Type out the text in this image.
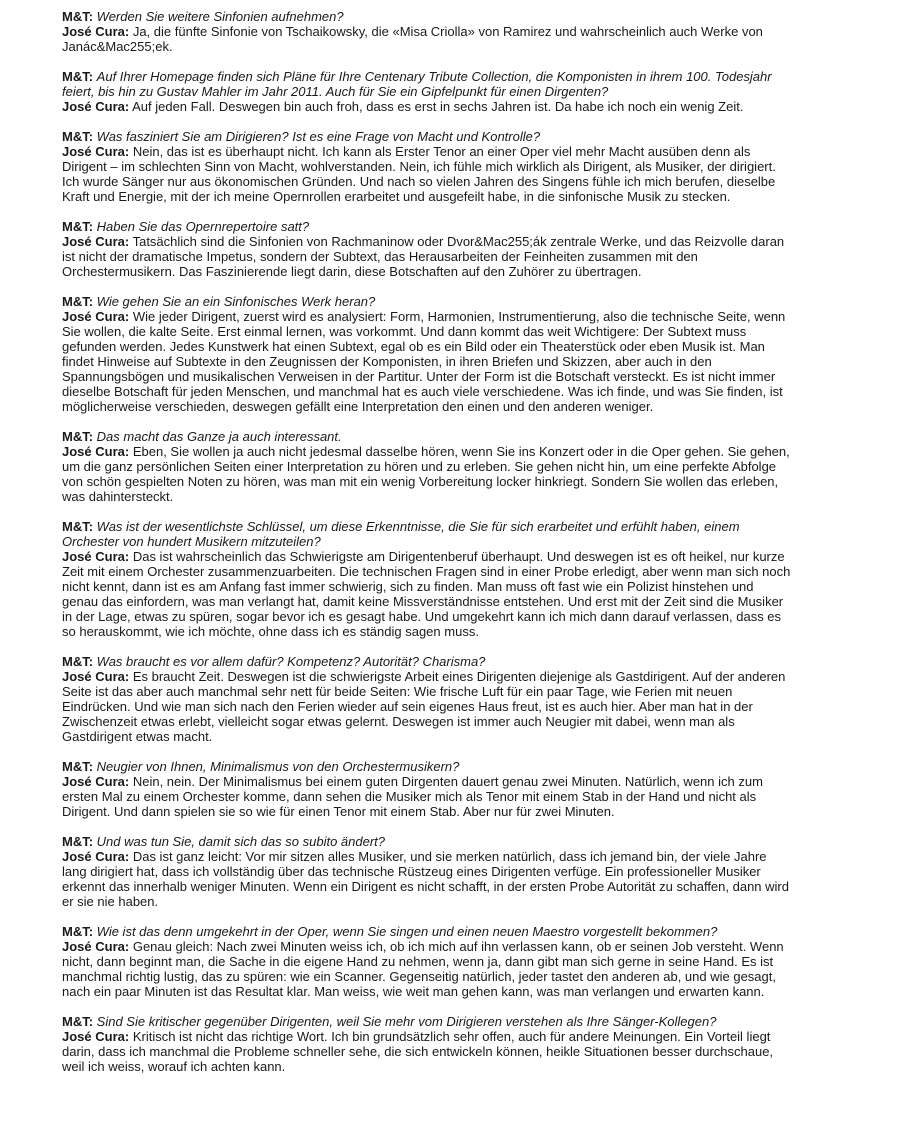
M&T: Werden Sie weitere Sinfonien aufnehmen?

José Cura: Ja, die fünfte Sinfonie von Tschaikowsky, die «Misa Criolla» von Ramirez und wahrscheinlich auch Werke von Janác&Mac255;ek.

M&T: Auf Ihrer Homepage finden sich Pläne für Ihre Centenary Tribute Collection, die Komponisten in ihrem 100. Todesjahr feiert, bis hin zu Gustav Mahler im Jahr 2011. Auch für Sie ein Gipfelpunkt für einen Dirgenten?

José Cura: Auf jeden Fall. Deswegen bin auch froh, dass es erst in sechs Jahren ist. Da habe ich noch ein wenig Zeit.

M&T: Was fasziniert Sie am Dirigieren? Ist es eine Frage von Macht und Kontrolle?

José Cura: Nein, das ist es überhaupt nicht. Ich kann als Erster Tenor an einer Oper viel mehr Macht ausüben denn als Dirigent – im schlechten Sinn von Macht, wohlverstanden. Nein, ich fühle mich wirklich als Dirigent, als Musiker, der dirigiert. Ich wurde Sänger nur aus ökonomischen Gründen. Und nach so vielen Jahren des Singens fühle ich mich berufen, dieselbe Kraft und Energie, mit der ich meine Opernrollen erarbeitet und ausgefeilt habe, in die sinfonische Musik zu stecken.

M&T: Haben Sie das Opernrepertoire satt?

José Cura: Tatsächlich sind die Sinfonien von Rachmaninow oder Dvor&Mac255;ák zentrale Werke, und das Reizvolle daran ist nicht der dramatische Impetus, sondern der Subtext, das Herausarbeiten der Feinheiten zusammen mit den Orchestermusikern. Das Faszinierende liegt darin, diese Botschaften auf den Zuhörer zu übertragen.

M&T: Wie gehen Sie an ein Sinfonisches Werk heran?

José Cura: Wie jeder Dirigent, zuerst wird es analysiert: Form, Harmonien, Instrumentierung, also die technische Seite, wenn Sie wollen, die kalte Seite. Erst einmal lernen, was vorkommt. Und dann kommt das weit Wichtigere: Der Subtext muss gefunden werden. Jedes Kunstwerk hat einen Subtext, egal ob es ein Bild oder ein Theaterstück oder eben Musik ist. Man findet Hinweise auf Subtexte in den Zeugnissen der Komponisten, in ihren Briefen und Skizzen, aber auch in den Spannungsbögen und musikalischen Verweisen in der Partitur. Unter der Form ist die Botschaft versteckt. Es ist nicht immer dieselbe Botschaft für jeden Menschen, und manchmal hat es auch viele verschiedene. Was ich finde, und was Sie finden, ist möglicherweise verschieden, deswegen gefällt eine Interpretation den einen und den anderen weniger.

M&T: Das macht das Ganze ja auch interessant.

José Cura: Eben, Sie wollen ja auch nicht jedesmal dasselbe hören, wenn Sie ins Konzert oder in die Oper gehen. Sie gehen, um die ganz persönlichen Seiten einer Interpretation zu hören und zu erleben. Sie gehen nicht hin, um eine perfekte Abfolge von schön gespielten Noten zu hören, was man mit ein wenig Vorbereitung locker hinkriegt. Sondern Sie wollen das erleben, was dahintersteckt.

M&T: Was ist der wesentlichste Schlüssel, um diese Erkenntnisse, die Sie für sich erarbeitet und erfühlt haben, einem Orchester von hundert Musikern mitzuteilen?

José Cura: Das ist wahrscheinlich das Schwierigste am Dirigentenberuf überhaupt. Und deswegen ist es oft heikel, nur kurze Zeit mit einem Orchester zusammenzuarbeiten. Die technischen Fragen sind in einer Probe erledigt, aber wenn man sich noch nicht kennt, dann ist es am Anfang fast immer schwierig, sich zu finden. Man muss oft fast wie ein Polizist hinstehen und genau das einfordern, was man verlangt hat, damit keine Missverständnisse entstehen. Und erst mit der Zeit sind die Musiker in der Lage, etwas zu spüren, sogar bevor ich es gesagt habe. Und umgekehrt kann ich mich dann darauf verlassen, dass es so herauskommt, wie ich möchte, ohne dass ich es ständig sagen muss.

M&T: Was braucht es vor allem dafür? Kompetenz? Autorität? Charisma?

José Cura: Es braucht Zeit. Deswegen ist die schwierigste Arbeit eines Dirigenten diejenige als Gastdirigent. Auf der anderen Seite ist das aber auch manchmal sehr nett für beide Seiten: Wie frische Luft für ein paar Tage, wie Ferien mit neuen Eindrücken. Und wie man sich nach den Ferien wieder auf sein eigenes Haus freut, ist es auch hier. Aber man hat in der Zwischenzeit etwas erlebt, vielleicht sogar etwas gelernt. Deswegen ist immer auch Neugier mit dabei, wenn man als Gastdirigent etwas macht.

M&T: Neugier von Ihnen, Minimalismus von den Orchestermusikern?

José Cura: Nein, nein. Der Minimalismus bei einem guten Dirgenten dauert genau zwei Minuten. Natürlich, wenn ich zum ersten Mal zu einem Orchester komme, dann sehen die Musiker mich als Tenor mit einem Stab in der Hand und nicht als Dirigent. Und dann spielen sie so wie für einen Tenor mit einem Stab. Aber nur für zwei Minuten.

M&T: Und was tun Sie, damit sich das so subito ändert?

José Cura: Das ist ganz leicht: Vor mir sitzen alles Musiker, und sie merken natürlich, dass ich jemand bin, der viele Jahre lang dirigiert hat, dass ich vollständig über das technische Rüstzeug eines Dirigenten verfüge. Ein professioneller Musiker erkennt das innerhalb weniger Minuten. Wenn ein Dirigent es nicht schafft, in der ersten Probe Autorität zu schaffen, dann wird er sie nie haben.

M&T: Wie ist das denn umgekehrt in der Oper, wenn Sie singen und einen neuen Maestro vorgestellt bekommen?

José Cura: Genau gleich: Nach zwei Minuten weiss ich, ob ich mich auf ihn verlassen kann, ob er seinen Job versteht. Wenn nicht, dann beginnt man, die Sache in die eigene Hand zu nehmen, wenn ja, dann gibt man sich gerne in seine Hand. Es ist manchmal richtig lustig, das zu spüren: wie ein Scanner. Gegenseitig natürlich, jeder tastet den anderen ab, und wie gesagt, nach ein paar Minuten ist das Resultat klar. Man weiss, wie weit man gehen kann, was man verlangen und erwarten kann.

M&T: Sind Sie kritischer gegenüber Dirigenten, weil Sie mehr vom Dirigieren verstehen als Ihre Sänger-Kollegen?

José Cura: Kritisch ist nicht das richtige Wort. Ich bin grundsätzlich sehr offen, auch für andere Meinungen. Ein Vorteil liegt darin, dass ich manchmal die Probleme schneller sehe, die sich entwickeln können, heikle Situationen besser durchschaue, weil ich weiss, worauf ich achten kann.
